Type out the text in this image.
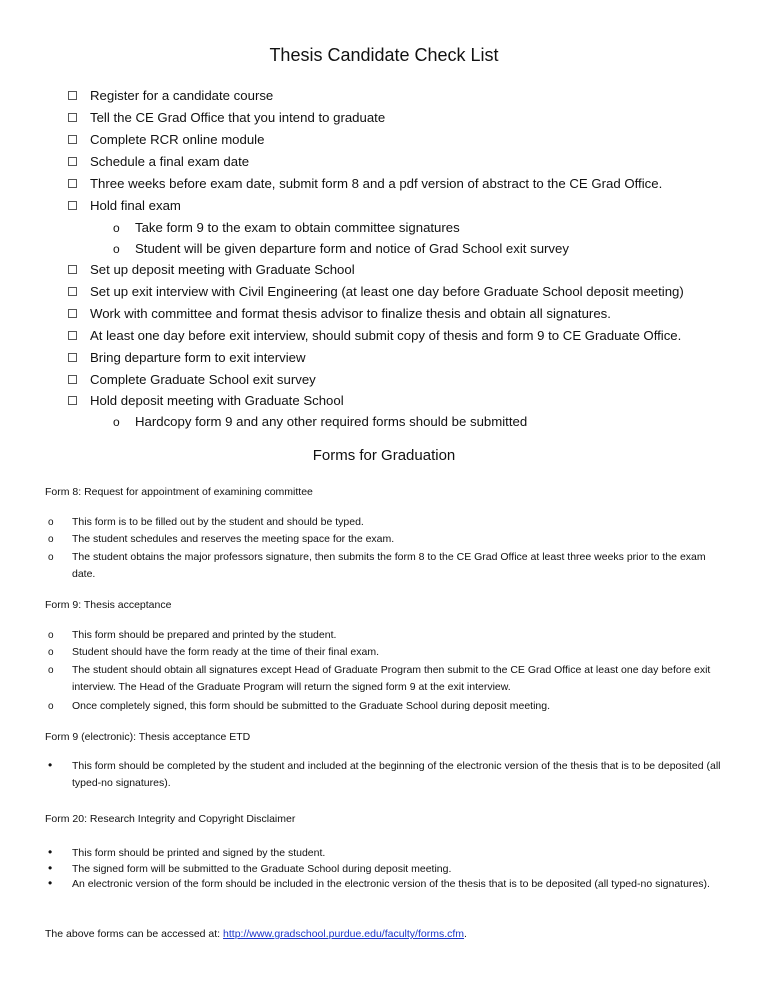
Thesis Candidate Check List
Register for a candidate course
Tell the CE Grad Office that you intend to graduate
Complete RCR online module
Schedule a final exam date
Three weeks before exam date, submit form 8 and a pdf version of abstract to the CE Grad Office.
Hold final exam
o Take form 9 to the exam to obtain committee signatures
o Student will be given departure form and notice of Grad School exit survey
Set up deposit meeting with Graduate School
Set up exit interview with Civil Engineering (at least one day before Graduate School deposit meeting)
Work with committee and format thesis advisor to finalize thesis and obtain all signatures.
At least one day before exit interview, should submit copy of thesis and form 9 to CE Graduate Office.
Bring departure form to exit interview
Complete Graduate School exit survey
Hold deposit meeting with Graduate School
o Hardcopy form 9 and any other required forms should be submitted
Forms for Graduation
Form 8: Request for appointment of examining committee
o This form is to be filled out by the student and should be typed.
o The student schedules and reserves the meeting space for the exam.
o The student obtains the major professors signature, then submits the form 8 to the CE Grad Office at least three weeks prior to the exam date.
Form 9: Thesis acceptance
o This form should be prepared and printed by the student.
o Student should have the form ready at the time of their final exam.
o The student should obtain all signatures except Head of Graduate Program then submit to the CE Grad Office at least one day before exit interview. The Head of the Graduate Program will return the signed form 9 at the exit interview.
o Once completely signed, this form should be submitted to the Graduate School during deposit meeting.
Form 9 (electronic): Thesis acceptance ETD
• This form should be completed by the student and included at the beginning of the electronic version of the thesis that is to be deposited (all typed-no signatures).
Form 20: Research Integrity and Copyright Disclaimer
• This form should be printed and signed by the student.
• The signed form will be submitted to the Graduate School during deposit meeting.
• An electronic version of the form should be included in the electronic version of the thesis that is to be deposited (all typed-no signatures).
The above forms can be accessed at: http://www.gradschool.purdue.edu/faculty/forms.cfm.
